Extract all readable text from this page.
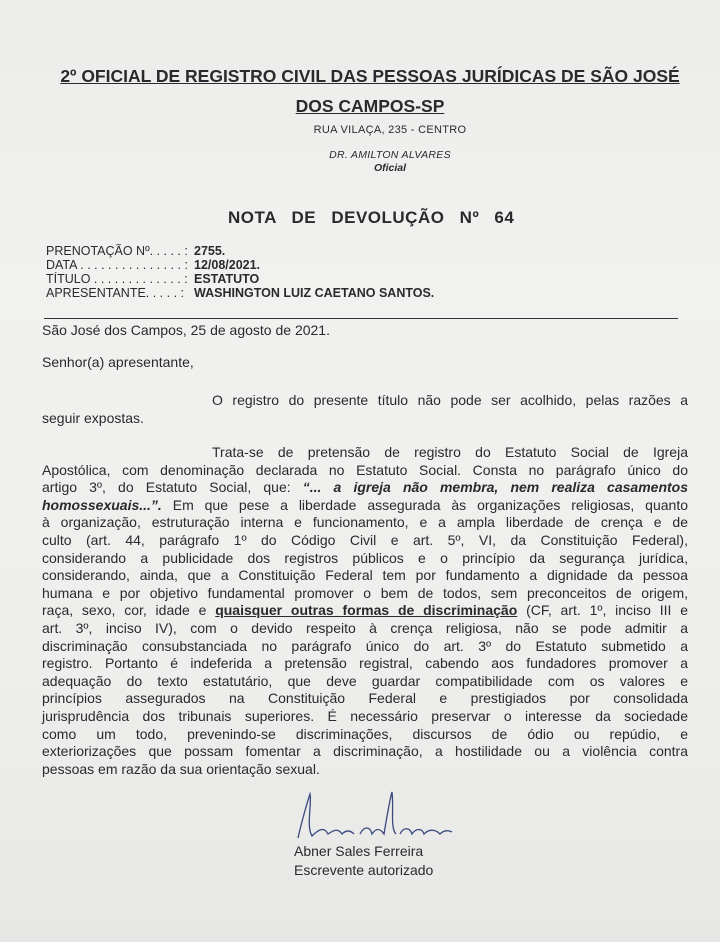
2º OFICIAL DE REGISTRO CIVIL DAS PESSOAS JURÍDICAS DE SÃO JOSÉ
DOS CAMPOS-SP
RUA VILAÇA, 235 - CENTRO
DR. AMILTON ALVARES
Oficial
NOTA DE DEVOLUÇÃO Nº 64
PRENOTAÇÃO Nº. . . . . : 2755.
DATA . . . . . . . . . . . . . . . : 12/08/2021.
TÍTULO . . . . . . . . . . . . . : ESTATUTO
APRESENTANTE. . . . . : WASHINGTON LUIZ CAETANO SANTOS.
São José dos Campos, 25 de agosto de 2021.
Senhor(a) apresentante,
O registro do presente título não pode ser acolhido, pelas razões a
seguir expostas.
Trata-se de pretensão de registro do Estatuto Social de Igreja
Apostólica, com denominação declarada no Estatuto Social. Consta no parágrafo único do
artigo 3º, do Estatuto Social, que: “... a igreja não membra, nem realiza casamentos
homossexuais...”. Em que pese a liberdade assegurada às organizações religiosas, quanto
à organização, estruturação interna e funcionamento, e a ampla liberdade de crença e de
culto (art. 44, parágrafo 1º do Código Civil e art. 5º, VI, da Constituição Federal),
considerando a publicidade dos registros públicos e o princípio da segurança jurídica,
considerando, ainda, que a Constituição Federal tem por fundamento a dignidade da pessoa
humana e por objetivo fundamental promover o bem de todos, sem preconceitos de origem,
raça, sexo, cor, idade e quaisquer outras formas de discriminação (CF, art. 1º, inciso III e
art. 3º, inciso IV), com o devido respeito à crença religiosa, não se pode admitir a
discriminação consubstanciada no parágrafo único do art. 3º do Estatuto submetido a
registro. Portanto é indeferida a pretensão registral, cabendo aos fundadores promover a
adequação do texto estatutário, que deve guardar compatibilidade com os valores e
princípios assegurados na Constituição Federal e prestigiados por consolidada
jurisprudência dos tribunais superiores. É necessário preservar o interesse da sociedade
como um todo, prevenindo-se discriminações, discursos de ódio ou repúdio, e
exteriorizações que possam fomentar a discriminação, a hostilidade ou a violência contra
pessoas em razão da sua orientação sexual.
Abner Sales Ferreira
Escrevente autorizado
